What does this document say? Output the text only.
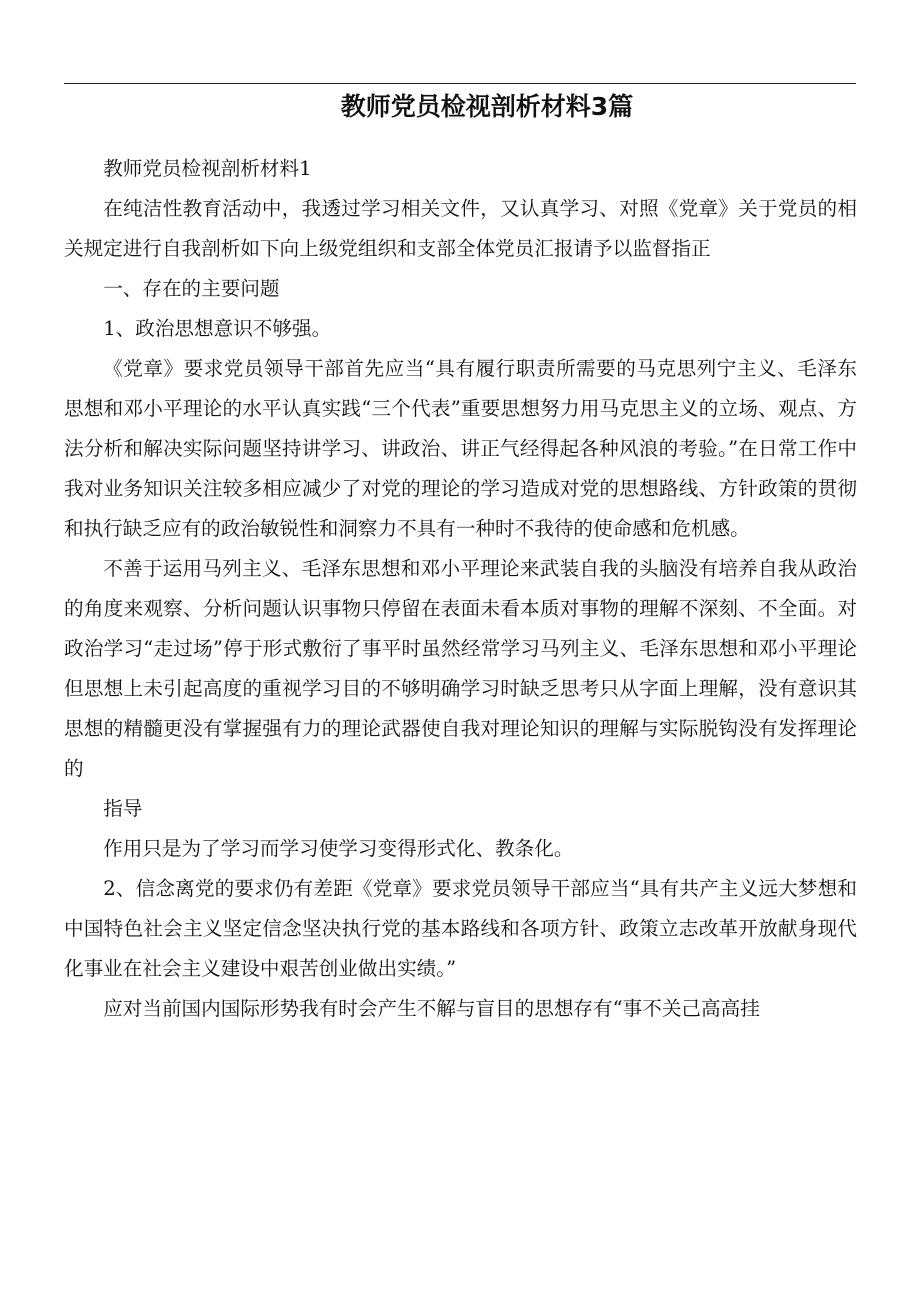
教师党员检视剖析材料3篇

教师党员检视剖析材料1

在纯洁性教育活动中，我透过学习相关文件，又认真学习、对照《党章》关于党员的相关规定进行自我剖析如下向上级党组织和支部全体党员汇报请予以监督指正

一、存在的主要问题

1、政治思想意识不够强。

《党章》要求党员领导干部首先应当“具有履行职责所需要的马克思列宁主义、毛泽东思想和邓小平理论的水平认真实践“三个代表”重要思想努力用马克思主义的立场、观点、方法分析和解决实际问题坚持讲学习、讲政治、讲正气经得起各种风浪的考验。”在日常工作中我对业务知识关注较多相应减少了对党的理论的学习造成对党的思想路线、方针政策的贯彻和执行缺乏应有的政治敏锐性和洞察力不具有一种时不我待的使命感和危机感。

不善于运用马列主义、毛泽东思想和邓小平理论来武装自我的头脑没有培养自我从政治的角度来观察、分析问题认识事物只停留在表面未看本质对事物的理解不深刻、不全面。对政治学习“走过场”停于形式敷衍了事平时虽然经常学习马列主义、毛泽东思想和邓小平理论但思想上未引起高度的重视学习目的不够明确学习时缺乏思考只从字面上理解，没有意识其思想的精髓更没有掌握强有力的理论武器使自我对理论知识的理解与实际脱钩没有发挥理论的

指导

作用只是为了学习而学习使学习变得形式化、教条化。

2、信念离党的要求仍有差距《党章》要求党员领导干部应当“具有共产主义远大梦想和中国特色社会主义坚定信念坚决执行党的基本路线和各项方针、政策立志改革开放献身现代化事业在社会主义建设中艰苦创业做出实绩。”

应对当前国内国际形势我有时会产生不解与盲目的思想存有“事不关己高高挂
